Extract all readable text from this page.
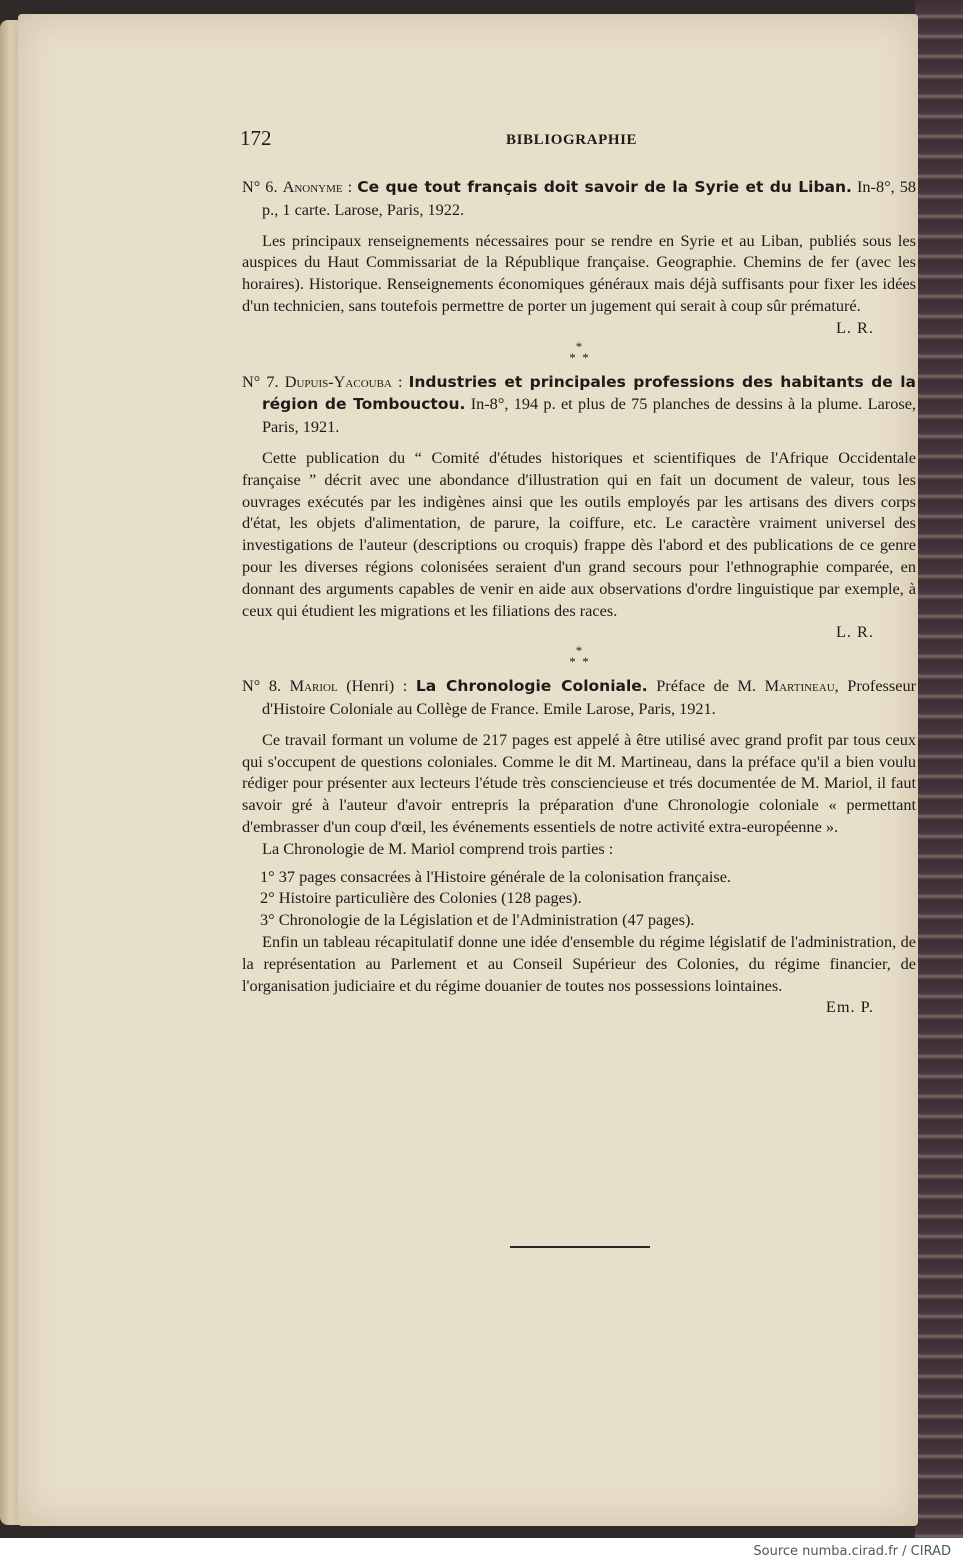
172	BIBLIOGRAPHIE

N° 6. Anonyme : Ce que tout français doit savoir de la Syrie et du Liban. In-8°, 58 p., 1 carte. Larose, Paris, 1922.

Les principaux renseignements nécessaires pour se rendre en Syrie et au Liban, publiés sous les auspices du Haut Commissariat de la République française. Geographie. Chemins de fer (avec les horaires). Historique. Renseignements économiques généraux mais déjà suffisants pour fixer les idées d'un technicien, sans toutefois permettre de porter un jugement qui serait à coup sûr prématuré.

L. R.

*
*  *

N° 7. Dupuis-Yacouba : Industries et principales professions des habitants de la région de Tombouctou. In-8°, 194 p. et plus de 75 planches de dessins à la plume. Larose, Paris, 1921.

Cette publication du “ Comité d'études historiques et scientifiques de l'Afrique Occidentale française ” décrit avec une abondance d'illustration qui en fait un document de valeur, tous les ouvrages exécutés par les indigènes ainsi que les outils employés par les artisans des divers corps d'état, les objets d'alimentation, de parure, la coiffure, etc. Le caractère vraiment universel des investigations de l'auteur (descriptions ou croquis) frappe dès l'abord et des publications de ce genre pour les diverses régions colonisées seraient d'un grand secours pour l'ethnographie comparée, en donnant des arguments capables de venir en aide aux observations d'ordre linguistique par exemple, à ceux qui étudient les migrations et les filiations des races.

L. R.

*
*  *

N° 8. Mariol (Henri) : La Chronologie Coloniale. Préface de M. Martineau, Professeur d'Histoire Coloniale au Collège de France. Emile Larose, Paris, 1921.

Ce travail formant un volume de 217 pages est appelé à être utilisé avec grand profit par tous ceux qui s'occupent de questions coloniales. Comme le dit M. Martineau, dans la préface qu'il a bien voulu rédiger pour présenter aux lecteurs l'étude très consciencieuse et trés documentée de M. Mariol, il faut savoir gré à l'auteur d'avoir entrepris la préparation d'une Chronologie coloniale « permettant d'embrasser d'un coup d'œil, les événements essentiels de notre activité extra-européenne ».

La Chronologie de M. Mariol comprend trois parties :

1° 37 pages consacrées à l'Histoire générale de la colonisation française.
2° Histoire particulière des Colonies (128 pages).
3° Chronologie de la Législation et de l'Administration (47 pages).

Enfin un tableau récapitulatif donne une idée d'ensemble du régime législatif de l'administration, de la représentation au Parlement et au Conseil Supérieur des Colonies, du régime financier, de l'organisation judiciaire et du régime douanier de toutes nos possessions lointaines.

Em. P.

Source numba.cirad.fr / CIRAD
